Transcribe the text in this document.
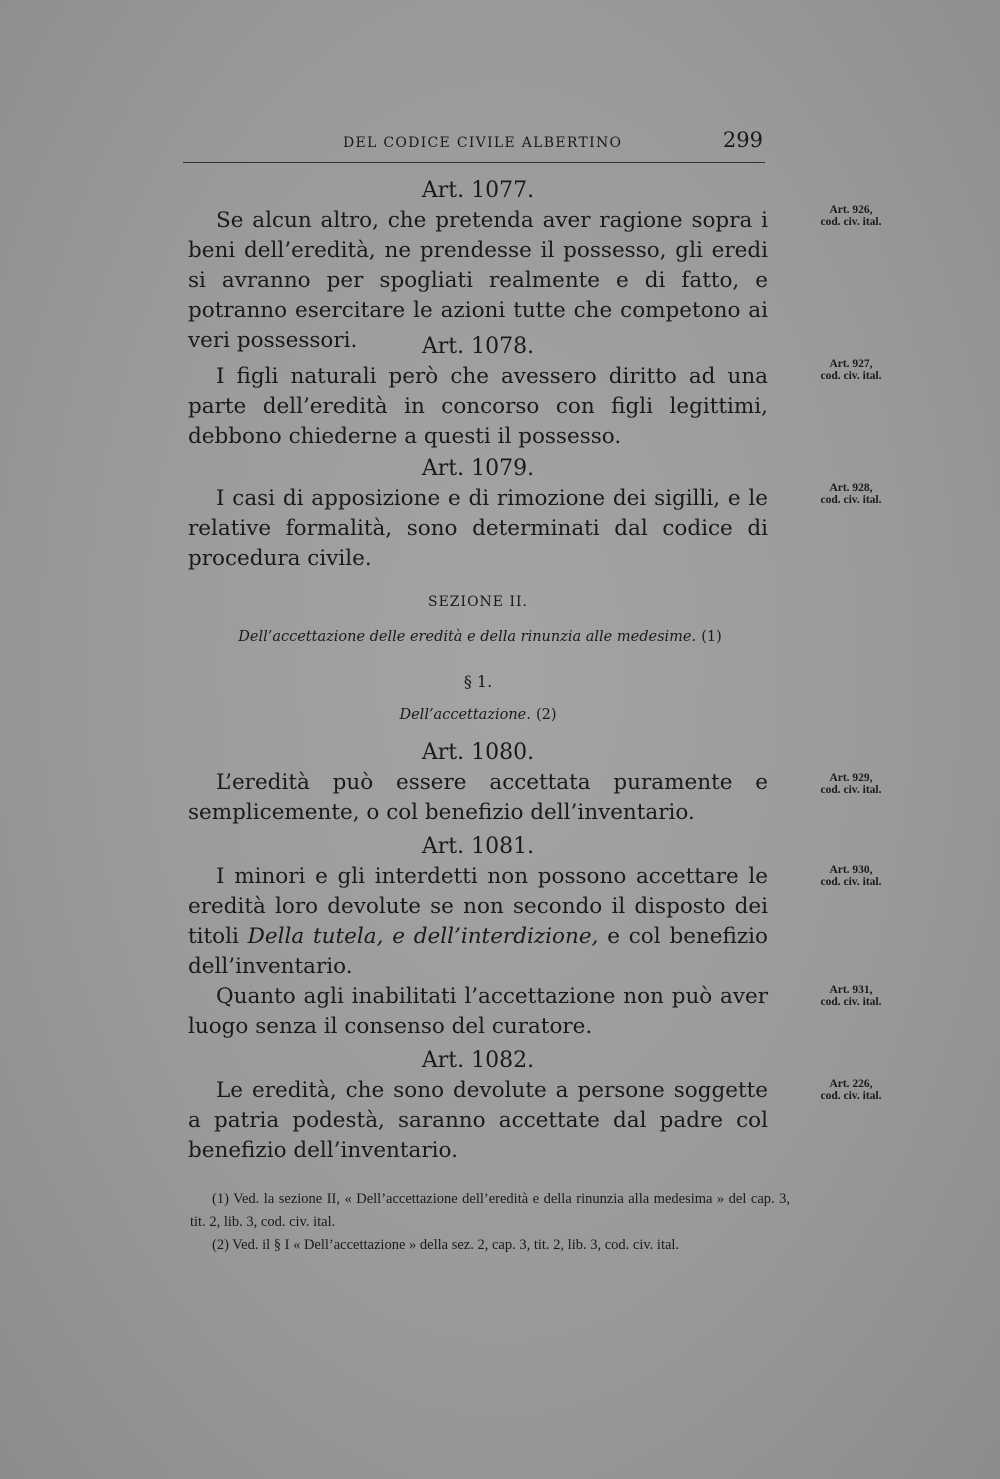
DEL CODICE CIVILE ALBERTINO	299
Art. 1077.

Se alcun altro, che pretenda aver ragione sopra i beni dell’eredità, ne prendesse il possesso, gli eredi si avranno per spogliati realmente e di fatto, e potranno esercitare le azioni tutte che competono ai veri possessori.

Art. 926,
cod. civ. ital.
Art. 1078.

I figli naturali però che avessero diritto ad una parte dell’eredità in concorso con figli legittimi, debbono chiederne a questi il possesso.

Art. 927,
cod. civ. ital.
Art. 1079.

I casi di apposizione e di rimozione dei sigilli, e le relative formalità, sono determinati dal codice di procedura civile.

Art. 928,
cod. civ. ital.
SEZIONE II.
Dell’accettazione delle eredità e della rinunzia alle medesime. (1)
§ 1.
Dell’accettazione. (2)
Art. 1080.

L’eredità può essere accettata puramente e semplicemente, o col benefizio dell’inventario.

Art. 929,
cod. civ. ital.
Art. 1081.

I minori e gli interdetti non possono accettare le eredità loro devolute se non secondo il disposto dei titoli Della tutela, e dell’interdizione, e col benefizio dell’inventario.

Quanto agli inabilitati l’accettazione non può aver luogo senza il consenso del curatore.

Art. 930,
cod. civ. ital.
Art. 931,
cod. civ. ital.
Art. 1082.

Le eredità, che sono devolute a persone soggette a patria podestà, saranno accettate dal padre col benefizio dell’inventario.

Art. 226,
cod. civ. ital.

(1) Ved. la sezione II, « Dell’accettazione dell’eredità e della rinunzia alla medesima » del cap. 3, tit. 2, lib. 3, cod. civ. ital.

(2) Ved. il § I « Dell’accettazione » della sez. 2, cap. 3, tit. 2, lib. 3, cod. civ. ital.
